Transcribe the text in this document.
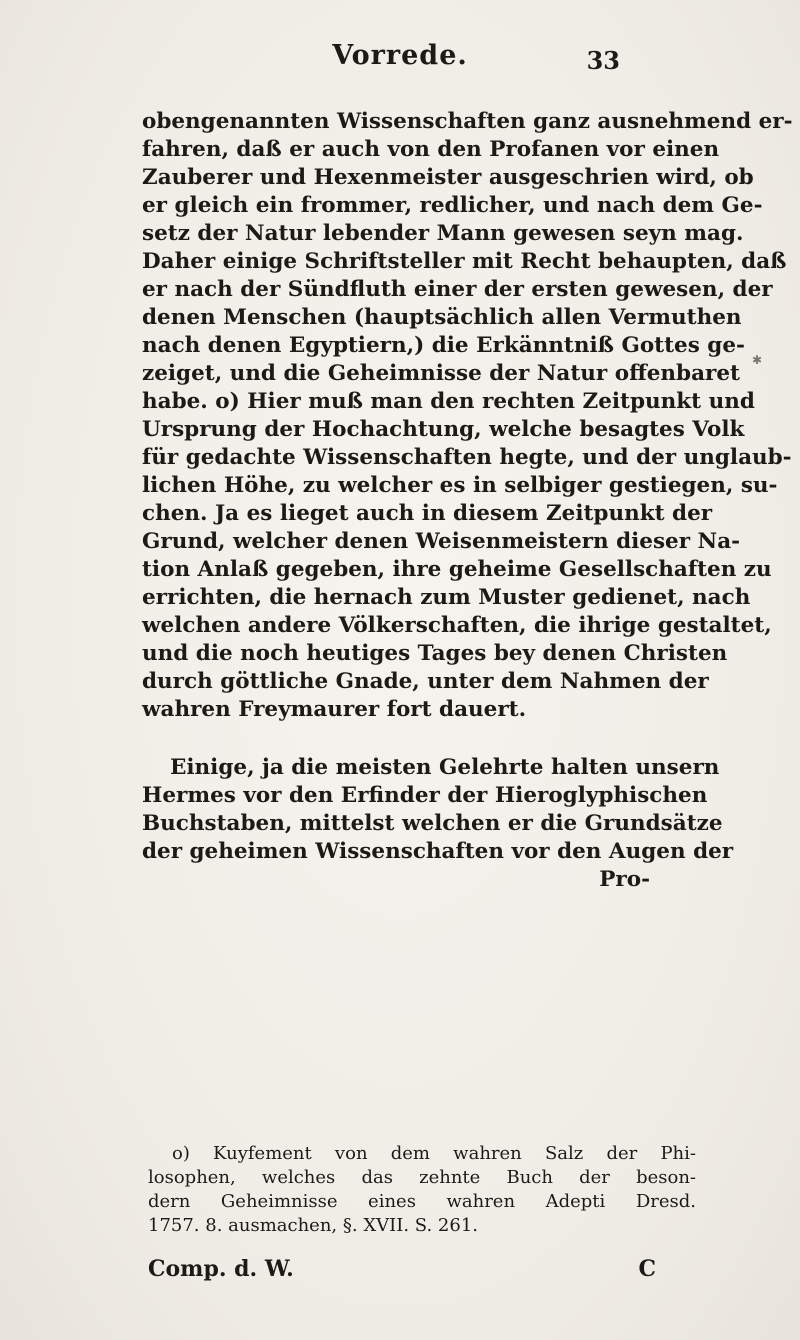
Vorrede.	33
obengenannten Wissenschaften ganz ausnehmend er-
fahren, daß er auch von den Profanen vor einen
Zauberer und Hexenmeister ausgeschrien wird, ob
er gleich ein frommer, redlicher, und nach dem Ge-
setz der Natur lebender Mann gewesen seyn mag.
Daher einige Schriftsteller mit Recht behaupten, daß
er nach der Sündfluth einer der ersten gewesen, der
denen Menschen (hauptsächlich allen Vermuthen
nach denen Egyptiern,) die Erkänntniß Gottes ge-
zeiget, und die Geheimnisse der Natur offenbaret
habe. o) Hier muß man den rechten Zeitpunkt und
Ursprung der Hochachtung, welche besagtes Volk
für gedachte Wissenschaften hegte, und der unglaub-
lichen Höhe, zu welcher es in selbiger gestiegen, su-
chen. Ja es lieget auch in diesem Zeitpunkt der
Grund, welcher denen Weisenmeistern dieser Na-
tion Anlaß gegeben, ihre geheime Gesellschaften zu
errichten, die hernach zum Muster gedienet, nach
welchen andere Völkerschaften, die ihrige gestaltet,
und die noch heutiges Tages bey denen Christen
durch göttliche Gnade, unter dem Nahmen der
wahren Freymaurer fort dauert.
Einige, ja die meisten Gelehrte halten unsern
Hermes vor den Erfinder der Hieroglyphischen
Buchstaben, mittelst welchen er die Grundsätze
der geheimen Wissenschaften vor den Augen der
Pro-
✱
o) Kuyfement von dem wahren Salz der Phi-
losophen, welches das zehnte Buch der beson-
dern Geheimnisse eines wahren Adepti Dresd.
1757. 8. ausmachen, §. XVII. S. 261.
Comp. d. W.	C
